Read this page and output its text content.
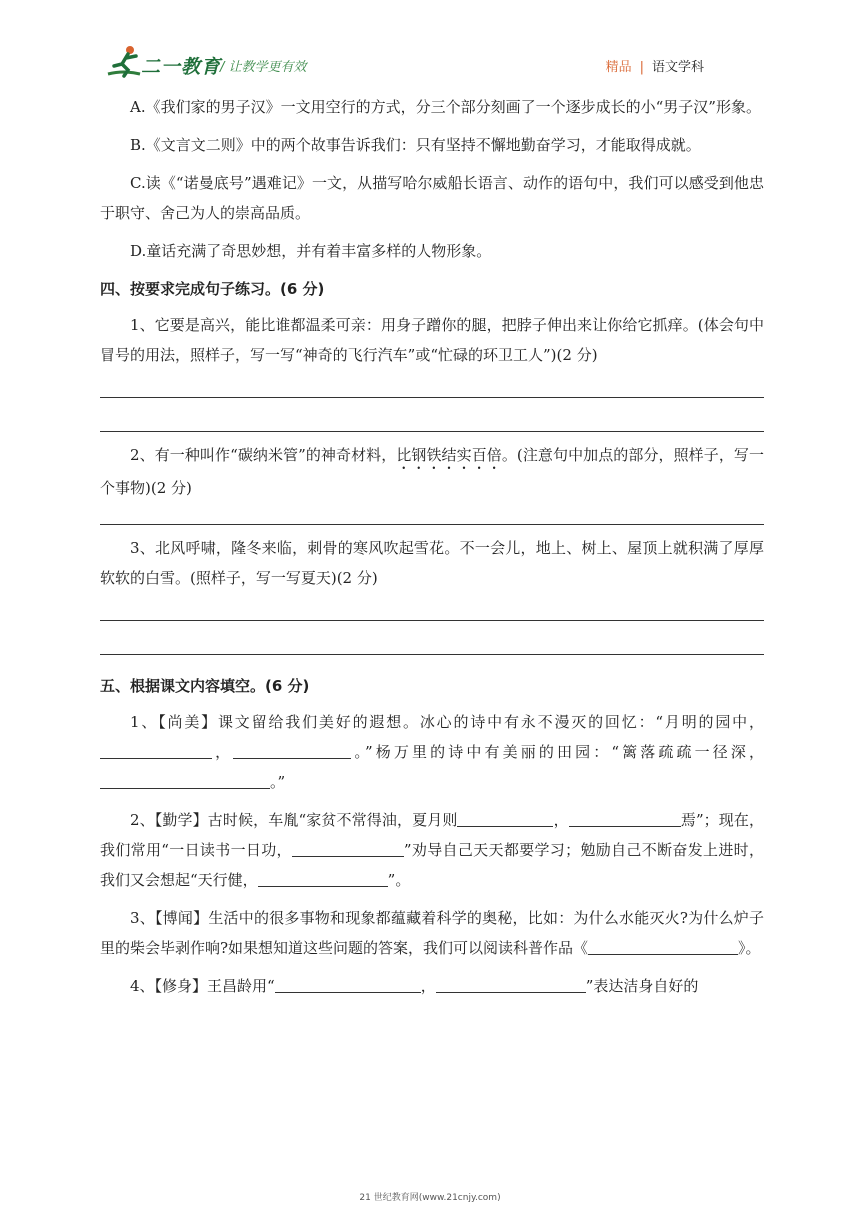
二一教育
/ 让教学更有效	精品 | 语文学科

A.《我们家的男子汉》一文用空行的方式，分三个部分刻画了一个逐步成长的小“男子汉”形象。

B.《文言文二则》中的两个故事告诉我们：只有坚持不懈地勤奋学习，才能取得成就。

C.读《“诺曼底号”遇难记》一文，从描写哈尔威船长语言、动作的语句中，我们可以感受到他忠于职守、舍己为人的崇高品质。

D.童话充满了奇思妙想，并有着丰富多样的人物形象。

四、按要求完成句子练习。(6 分)

1、它要是高兴，能比谁都温柔可亲：用身子蹭你的腿，把脖子伸出来让你给它抓痒。(体会句中冒号的用法，照样子，写一写“神奇的飞行汽车”或“忙碌的环卫工人”)(2 分)

2、有一种叫作“碳纳米管”的神奇材料，比钢铁结实百倍。(注意句中加点的部分，照样子，写一个事物)(2 分)

3、北风呼啸，隆冬来临，刺骨的寒风吹起雪花。不一会儿，地上、树上、屋顶上就积满了厚厚软软的白雪。(照样子，写一写夏天)(2 分)

五、根据课文内容填空。(6 分)

1、【尚美】课文留给我们美好的遐想。冰心的诗中有永不漫灭的回忆：“月明的园中，，	。”杨万里的诗中有美丽的田园：“篱落疏疏一径深，。”

2、【勤学】古时候，车胤“家贫不常得油，夏月则	，	焉”；现在，我们常用“一日读书一日功，	”劝导自己天天都要学习；勉励自己不断奋发上进时，我们又会想起“天行健，	”。

3、【博闻】生活中的很多事物和现象都蕴藏着科学的奥秘，比如：为什么水能灭火?为什么炉子里的柴会毕剥作响?如果想知道这些问题的答案，我们可以阅读科普作品《	》。

4、【修身】王昌龄用“	，	”表达洁身自好的

21 世纪教育网(www.21cnjy.com)
